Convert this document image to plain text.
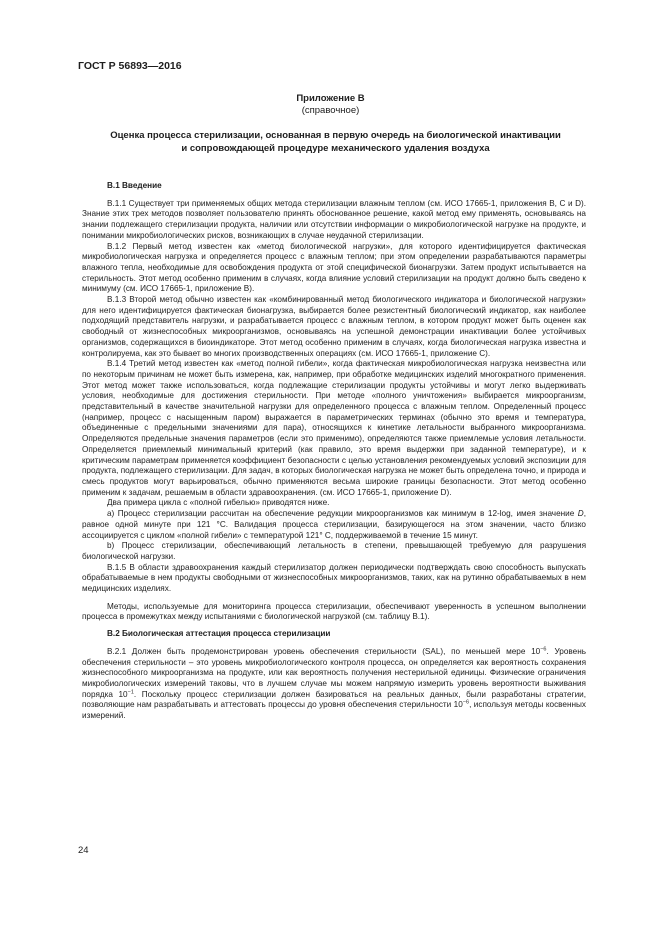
ГОСТ Р 56893—2016
Приложение В
(справочное)
Оценка процесса стерилизации, основанная в первую очередь на биологической инактивации
и сопровождающей процедуре механического удаления воздуха
В.1 Введение

В.1.1 Существует три применяемых общих метода стерилизации влажным теплом (см. ИСО 17665-1, приложения В, С и D). Знание этих трех методов позволяет пользователю принять обоснованное решение, какой метод ему применять, основываясь на знании подлежащего стерилизации продукта, наличии или отсутствии информации о микробиологической нагрузке на продукте, и понимании микробиологических рисков, возникающих в случае неудачной стерилизации.

В.1.2 Первый метод известен как «метод биологической нагрузки», для которого идентифицируется фактическая микробиологическая нагрузка и определяется процесс с влажным теплом; при этом определении разрабатываются параметры влажного тепла, необходимые для освобождения продукта от этой специфической бионагрузки. Затем продукт испытывается на стерильность. Этот метод особенно применим в случаях, когда влияние условий стерилизации на продукт должно быть сведено к минимуму (см. ИСО 17665-1, приложение В).

В.1.3 Второй метод обычно известен как «комбинированный метод биологического индикатора и биологической нагрузки» для него идентифицируется фактическая бионагрузка, выбирается более резистентный биологический индикатор, как наиболее подходящий представитель нагрузки, и разрабатывается процесс с влажным теплом, в котором продукт может быть оценен как свободный от жизнеспособных микроорганизмов, основываясь на успешной демонстрации инактивации более устойчивых организмов, содержащихся в биоиндикаторе. Этот метод особенно применим в случаях, когда биологическая нагрузка известна и контролируема, как это бывает во многих производственных операциях (см. ИСО 17665-1, приложение С).

В.1.4 Третий метод известен как «метод полной гибели», когда фактическая микробиологическая нагрузка неизвестна или по некоторым причинам не может быть измерена, как, например, при обработке медицинских изделий многократного применения. Этот метод может также использоваться, когда подлежащие стерилизации продукты устойчивы и могут легко выдерживать условия, необходимые для достижения стерильности. При методе «полного уничтожения» выбирается микроорганизм, представительный в качестве значительной нагрузки для определенного процесса с влажным теплом. Определенный процесс (например, процесс с насыщенным паром) выражается в параметрических терминах (обычно это время и температура, объединенные с предельными значениями для пара), относящихся к кинетике летальности выбранного микроорганизма. Определяются предельные значения параметров (если это применимо), определяются также приемлемые условия летальности. Определяется приемлемый минимальный критерий (как правило, это время выдержки при заданной температуре), и к критическим параметрам применяется коэффициент безопасности с целью установления рекомендуемых условий экспозиции для продукта, подлежащего стерилизации. Для задач, в которых биологическая нагрузка не может быть определена точно, и природа и смесь продуктов могут варьироваться, обычно применяются весьма широкие границы безопасности. Этот метод особенно применим к задачам, решаемым в области здравоохранения. (см. ИСО 17665-1, приложение D).

Два примера цикла с «полной гибелью» приводятся ниже.

а) Процесс стерилизации рассчитан на обеспечение редукции микроорганизмов как минимум в 12-log, имея значение D, равное одной минуте при 121 °С. Валидация процесса стерилизации, базирующегося на этом значении, часто близко ассоциируется с циклом «полной гибели» с температурой 121° С, поддерживаемой в течение 15 минут.

b) Процесс стерилизации, обеспечивающий летальность в степени, превышающей требуемую для разрушения биологической нагрузки.

В.1.5 В области здравоохранения каждый стерилизатор должен периодически подтверждать свою способность выпускать обрабатываемые в нем продукты свободными от жизнеспособных микроорганизмов, таких, как на рутинно обрабатываемых в нем медицинских изделиях.

Методы, используемые для мониторинга процесса стерилизации, обеспечивают уверенность в успешном выполнении процесса в промежутках между испытаниями с биологической нагрузкой (см. таблицу В.1).

В.2 Биологическая аттестация процесса стерилизации

В.2.1 Должен быть продемонстрирован уровень обеспечения стерильности (SAL), по меньшей мере $10^{-6}$. Уровень обеспечения стерильности – это уровень микробиологического контроля процесса, он определяется как вероятность сохранения жизнеспособного микроорганизма на продукте, или как вероятность получения нестерильной единицы. Физические ограничения микробиологических измерений таковы, что в лучшем случае мы можем напрямую измерить уровень вероятности выживания порядка $10^{-1}$. Поскольку процесс стерилизации должен базироваться на реальных данных, были разработаны стратегии, позволяющие нам разрабатывать и аттестовать процессы до уровня обеспечения стерильности $10^{-6}$, используя методы косвенных измерений.

24
